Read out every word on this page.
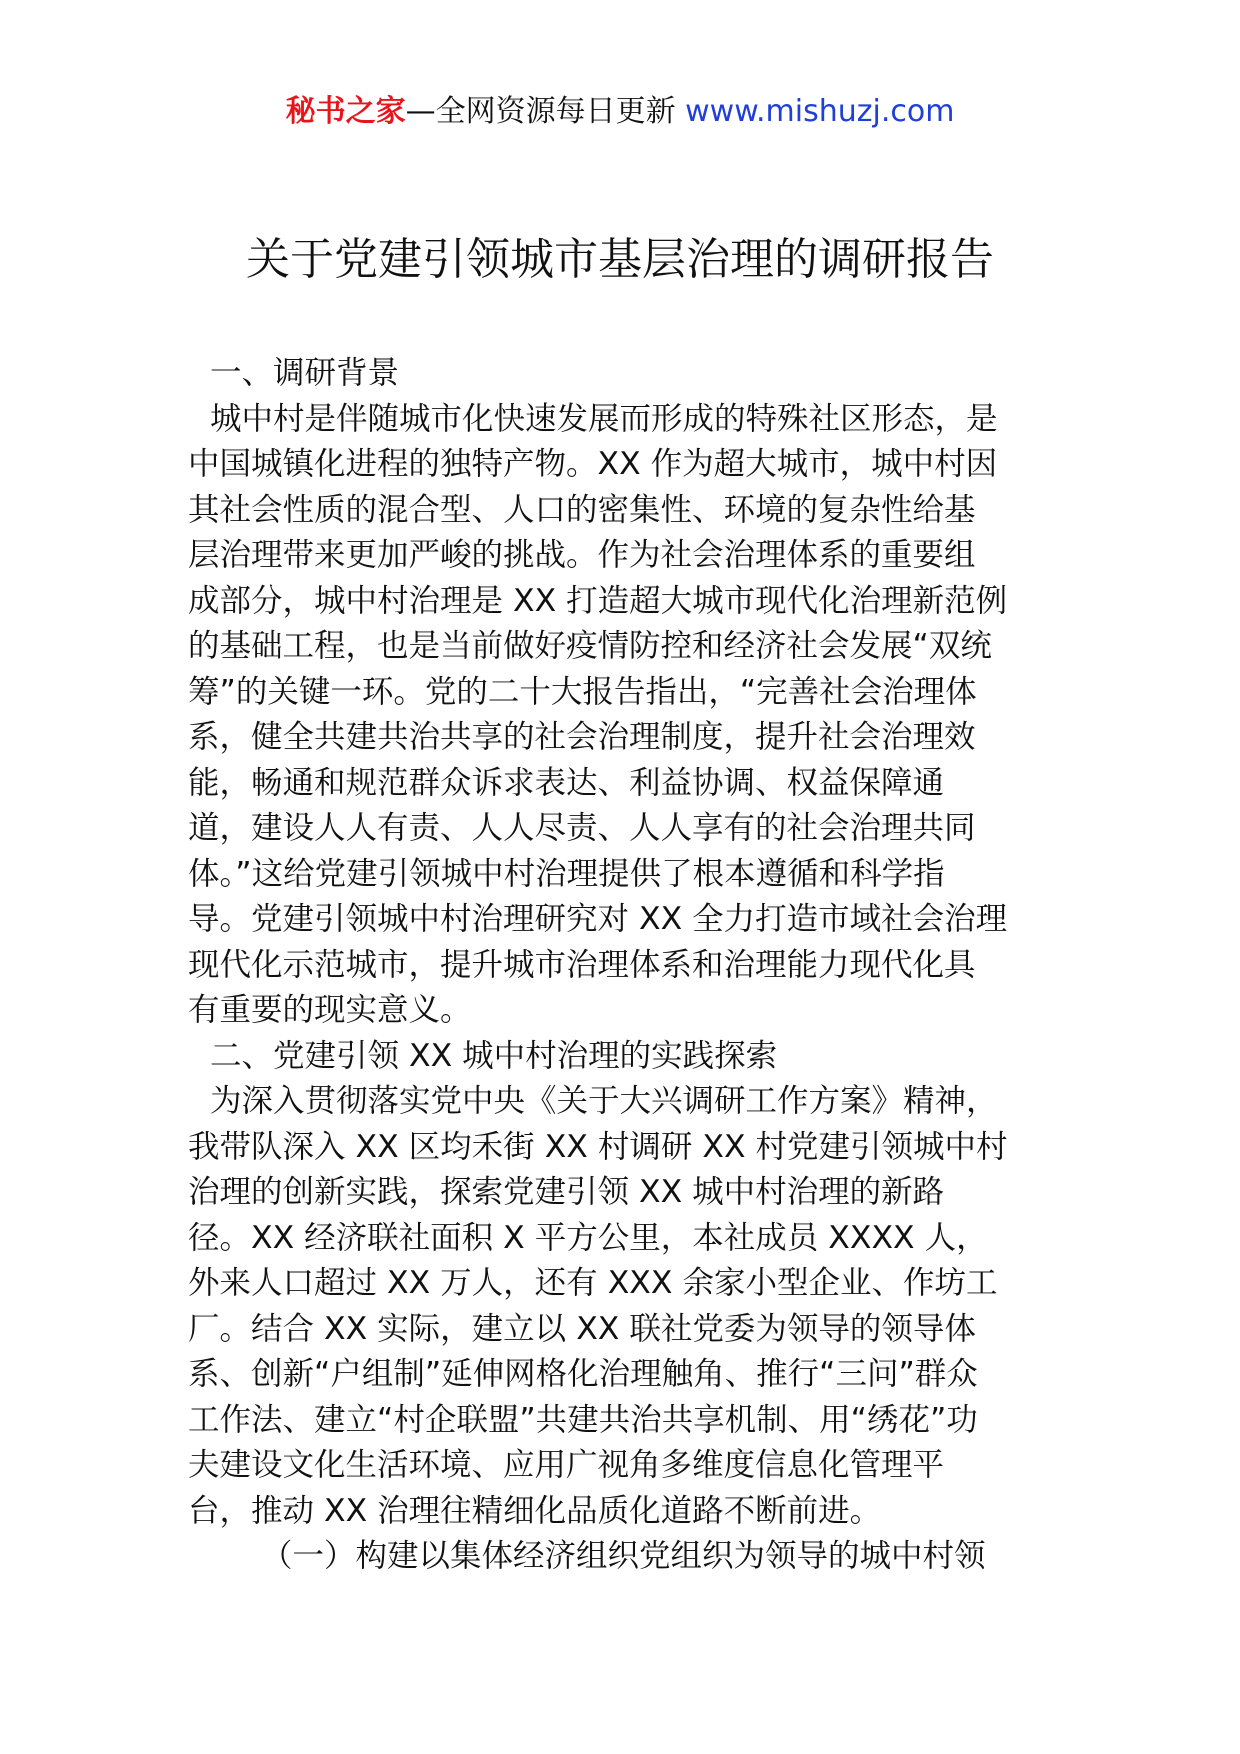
秘书之家—全网资源每日更新 www.mishuzj.com
关于党建引领城市基层治理的调研报告

一、调研背景

城中村是伴随城市化快速发展而形成的特殊社区形态，是

中国城镇化进程的独特产物。XX 作为超大城市，城中村因

其社会性质的混合型、人口的密集性、环境的复杂性给基

层治理带来更加严峻的挑战。作为社会治理体系的重要组

成部分，城中村治理是 XX 打造超大城市现代化治理新范例

的基础工程，也是当前做好疫情防控和经济社会发展“双统

筹”的关键一环。党的二十大报告指出，“完善社会治理体

系，健全共建共治共享的社会治理制度，提升社会治理效

能，畅通和规范群众诉求表达、利益协调、权益保障通

道，建设人人有责、人人尽责、人人享有的社会治理共同

体。”这给党建引领城中村治理提供了根本遵循和科学指

导。党建引领城中村治理研究对 XX 全力打造市域社会治理

现代化示范城市，提升城市治理体系和治理能力现代化具

有重要的现实意义。

二、党建引领 XX 城中村治理的实践探索

为深入贯彻落实党中央《关于大兴调研工作方案》精神，

我带队深入 XX 区均禾街 XX 村调研 XX 村党建引领城中村

治理的创新实践，探索党建引领 XX 城中村治理的新路

径。XX 经济联社面积 X 平方公里，本社成员 XXXX 人，

外来人口超过 XX 万人，还有 XXX 余家小型企业、作坊工

厂。结合 XX 实际，建立以 XX 联社党委为领导的领导体

系、创新“户组制”延伸网格化治理触角、推行“三问”群众

工作法、建立“村企联盟”共建共治共享机制、用“绣花”功

夫建设文化生活环境、应用广视角多维度信息化管理平

台，推动 XX 治理往精细化品质化道路不断前进。

（一）构建以集体经济组织党组织为领导的城中村领
